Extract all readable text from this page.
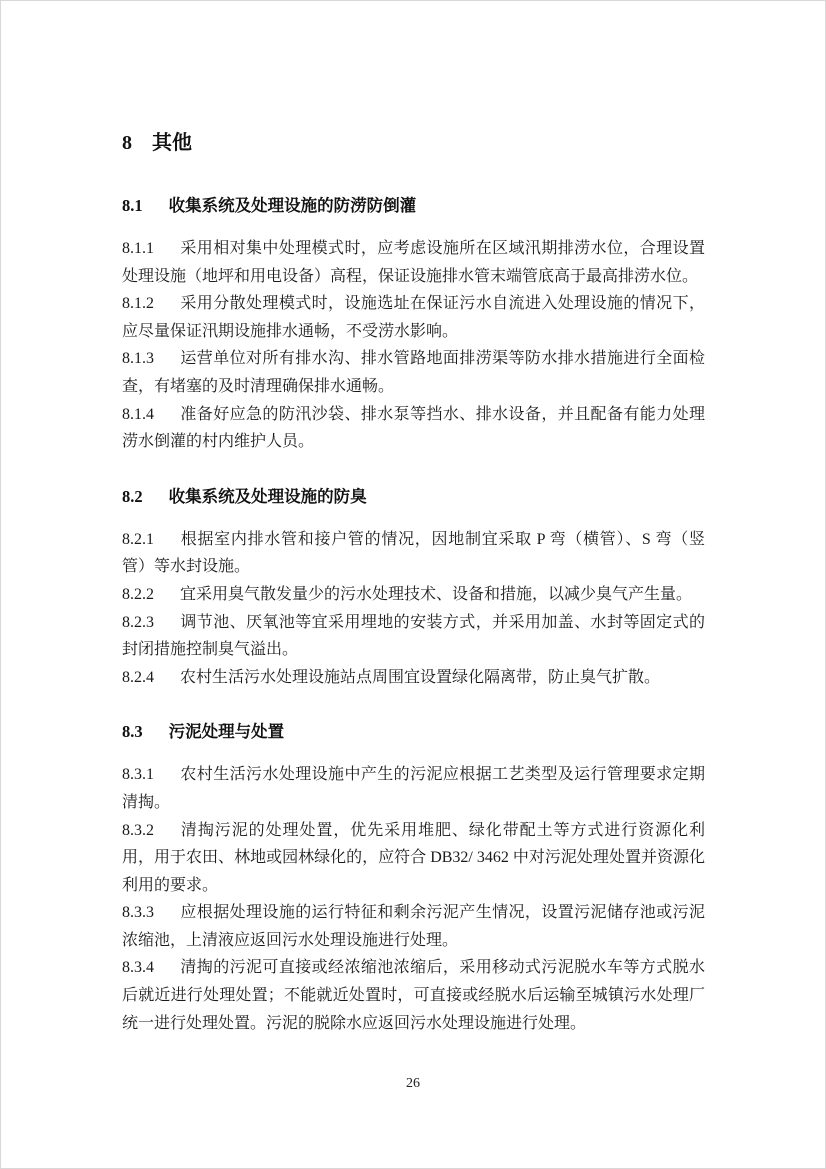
8 其他
8.1 收集系统及处理设施的防涝防倒灌

8.1.1 采用相对集中处理模式时，应考虑设施所在区域汛期排涝水位，合理设置处理设施（地坪和用电设备）高程，保证设施排水管末端管底高于最高排涝水位。

8.1.2 采用分散处理模式时，设施选址在保证污水自流进入处理设施的情况下，应尽量保证汛期设施排水通畅，不受涝水影响。

8.1.3 运营单位对所有排水沟、排水管路地面排涝渠等防水排水措施进行全面检查，有堵塞的及时清理确保排水通畅。

8.1.4 准备好应急的防汛沙袋、排水泵等挡水、排水设备，并且配备有能力处理涝水倒灌的村内维护人员。

8.2 收集系统及处理设施的防臭

8.2.1 根据室内排水管和接户管的情况，因地制宜采取 P 弯（横管）、S 弯（竖管）等水封设施。

8.2.2 宜采用臭气散发量少的污水处理技术、设备和措施，以减少臭气产生量。

8.2.3 调节池、厌氧池等宜采用埋地的安装方式，并采用加盖、水封等固定式的封闭措施控制臭气溢出。

8.2.4 农村生活污水处理设施站点周围宜设置绿化隔离带，防止臭气扩散。

8.3 污泥处理与处置

8.3.1 农村生活污水处理设施中产生的污泥应根据工艺类型及运行管理要求定期清掏。

8.3.2 清掏污泥的处理处置，优先采用堆肥、绿化带配土等方式进行资源化利用，用于农田、林地或园林绿化的，应符合 DB32/ 3462 中对污泥处理处置并资源化利用的要求。

8.3.3 应根据处理设施的运行特征和剩余污泥产生情况，设置污泥储存池或污泥浓缩池，上清液应返回污水处理设施进行处理。

8.3.4 清掏的污泥可直接或经浓缩池浓缩后，采用移动式污泥脱水车等方式脱水后就近进行处理处置；不能就近处置时，可直接或经脱水后运输至城镇污水处理厂统一进行处理处置。污泥的脱除水应返回污水处理设施进行处理。

26
